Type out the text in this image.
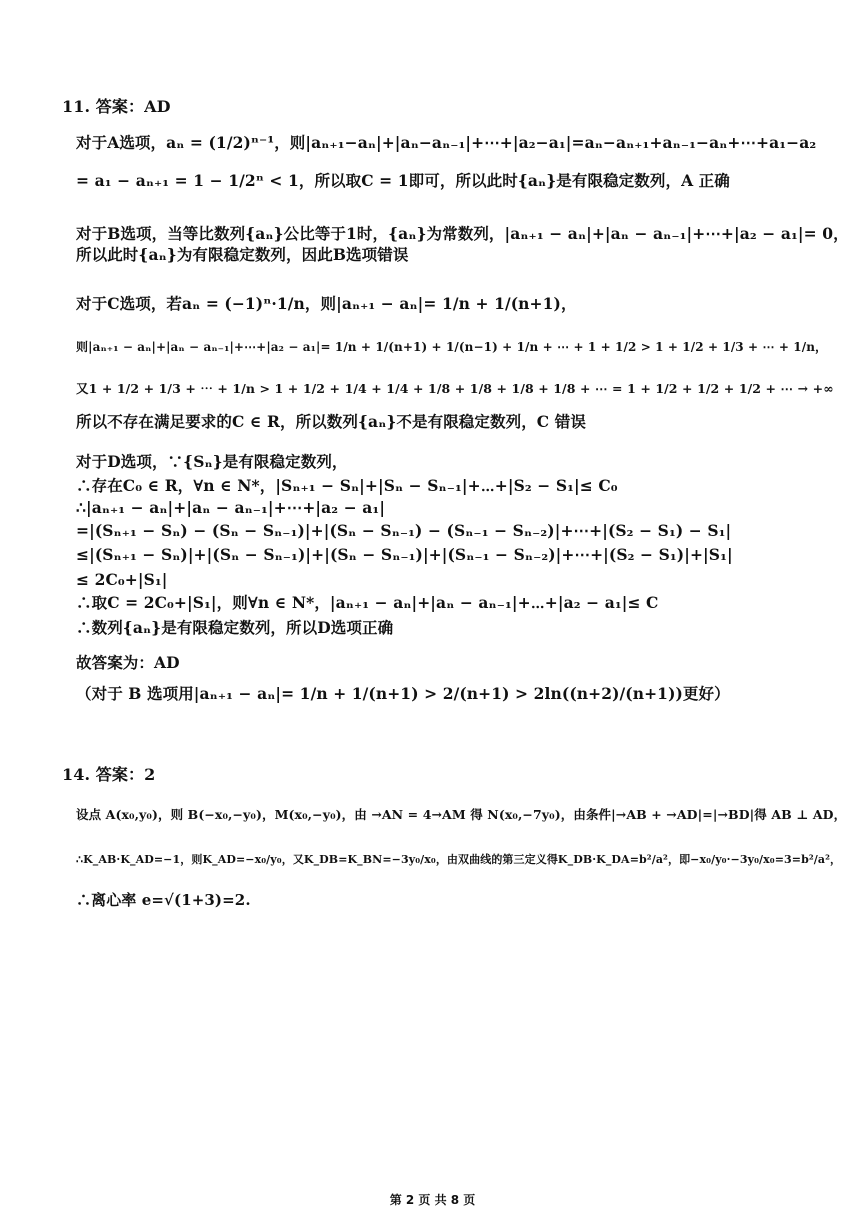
11. 答案：AD
对于A选项，aₙ = (1/2)ⁿ⁻¹，则|aₙ₊₁−aₙ|+|aₙ−aₙ₋₁|+⋯+|a₂−a₁|=aₙ−aₙ₊₁+aₙ₋₁−aₙ+⋯+a₁−a₂
= a₁ − aₙ₊₁ = 1 − 1/2ⁿ < 1，所以取C = 1即可，所以此时{aₙ}是有限稳定数列，A 正确
对于B选项，当等比数列{aₙ}公比等于1时，{aₙ}为常数列，|aₙ₊₁ − aₙ|+|aₙ − aₙ₋₁|+⋯+|a₂ − a₁|= 0，
所以此时{aₙ}为有限稳定数列，因此B选项错误
对于C选项，若aₙ = (−1)ⁿ·1/n，则|aₙ₊₁ − aₙ|= 1/n + 1/(n+1)，
则|aₙ₊₁ − aₙ|+|aₙ − aₙ₋₁|+⋯+|a₂ − a₁|= 1/n + 1/(n+1) + 1/(n−1) + 1/n + ⋯ + 1 + 1/2 > 1 + 1/2 + 1/3 + ⋯ + 1/n，
又1 + 1/2 + 1/3 + ⋯ + 1/n > 1 + 1/2 + 1/4 + 1/4 + 1/8 + 1/8 + 1/8 + 1/8 + ⋯ = 1 + 1/2 + 1/2 + 1/2 + ⋯ → +∞
所以不存在满足要求的C ∈ R，所以数列{aₙ}不是有限稳定数列，C 错误
对于D选项，∵{Sₙ}是有限稳定数列，
∴存在C₀ ∈ R，∀n ∈ N*，|Sₙ₊₁ − Sₙ|+|Sₙ − Sₙ₋₁|+⋯+|S₂ − S₁|≤ C₀
∴|aₙ₊₁ − aₙ|+|aₙ − aₙ₋₁|+⋯+|a₂ − a₁|
=|(Sₙ₊₁ − Sₙ) − (Sₙ − Sₙ₋₁)|+|(Sₙ − Sₙ₋₁) − (Sₙ₋₁ − Sₙ₋₂)|+⋯+|(S₂ − S₁) − S₁|
≤|(Sₙ₊₁ − Sₙ)|+|(Sₙ − Sₙ₋₁)|+|(Sₙ − Sₙ₋₁)|+|(Sₙ₋₁ − Sₙ₋₂)|+⋯+|(S₂ − S₁)|+|S₁|
≤ 2C₀+|S₁|
∴取C = 2C₀+|S₁|，则∀n ∈ N*，|aₙ₊₁ − aₙ|+|aₙ − aₙ₋₁|+⋯+|a₂ − a₁|≤ C
∴数列{aₙ}是有限稳定数列，所以D选项正确
故答案为：AD
（对于 B 选项用|aₙ₊₁ − aₙ|= 1/n + 1/(n+1) > 2/(n+1) > 2ln((n+2)/(n+1))更好）
14. 答案：2
设点 A(x₀,y₀)，则 B(−x₀,−y₀)，M(x₀,−y₀)，由 →AN = 4→AM 得 N(x₀,−7y₀)，由条件|→AB + →AD|=|→BD|得 AB ⊥ AD，
∴K_AB·K_AD=−1，则K_AD=−x₀/y₀，又K_DB=K_BN=−3y₀/x₀，由双曲线的第三定义得K_DB·K_DA=b²/a²，即−x₀/y₀·−3y₀/x₀=3=b²/a²，
∴离心率 e=√(1+3)=2.
第 2 页 共 8 页
